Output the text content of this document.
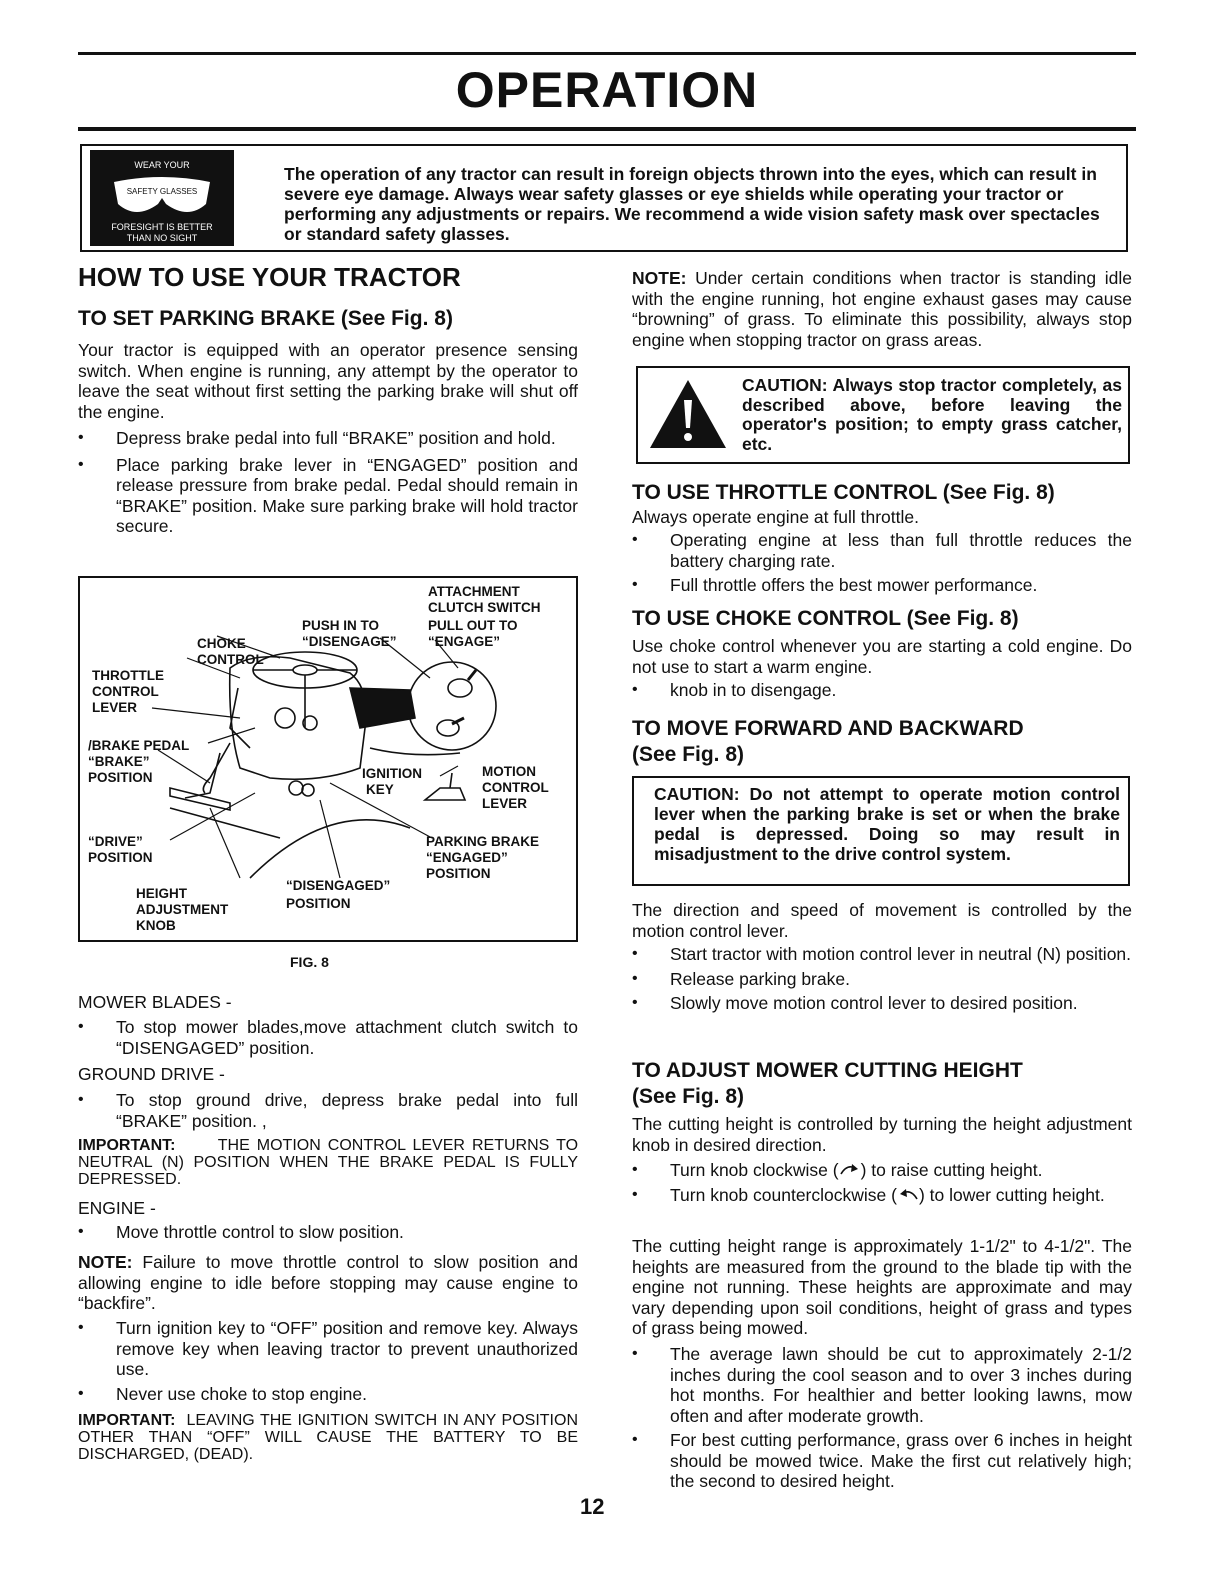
OPERATION
WEAR YOUR
SAFETY GLASSES
FORESIGHT IS BETTER
THAN NO SIGHT
The operation of any tractor can result in foreign objects thrown into the eyes, which can result in severe eye damage. Always wear safety glasses or eye shields while operating your tractor or performing any adjustments or repairs. We recommend a wide vision safety mask over spectacles or standard safety glasses.
HOW TO USE YOUR TRACTOR
TO SET PARKING BRAKE (See Fig. 8)

Your tractor is equipped with an operator presence sensing switch. When engine is running, any attempt by the operator to leave the seat without first setting the parking brake will shut off the engine.

• Depress brake pedal into full “BRAKE” position and hold.
• Place parking brake lever in “ENGAGED” position and release pressure from brake pedal. Pedal should remain in “BRAKE” position. Make sure parking brake will hold tractor secure.
ATTACHMENT
CLUTCH SWITCH
PUSH IN TO	PULL OUT TO
CHOKE	“DISENGAGE” “ENGAGE”
CONTROL
THROTTLE
CONTROL
LEVER
/BRAKE PEDAL
“BRAKE”
POSITION	IGNITION
KEY
MOTION
CONTROL
LEVER
“DRIVE”
POSITION
PARKING BRAKE
“ENGAGED”
POSITION
“DISENGAGED”
POSITION
HEIGHT
ADJUSTMENT
KNOB
FIG. 8
MOWER BLADES -
• To stop mower blades,move attachment clutch switch to “DISENGAGED” position.
GROUND DRIVE -
• To stop ground drive, depress brake pedal into full “BRAKE” position. ,
IMPORTANT:	THE MOTION CONTROL LEVER RETURNS TO NEUTRAL (N) POSITION WHEN THE BRAKE PEDAL IS FULLY DEPRESSED.
ENGINE -
• Move throttle control to slow position.

NOTE: Failure to move throttle control to slow position and allowing engine to idle before stopping may cause engine to “backfire”.

• Turn ignition key to “OFF” position and remove key. Always remove key when leaving tractor to prevent unauthorized use.
• Never use choke to stop engine.
IMPORTANT: LEAVING THE IGNITION SWITCH IN ANY POSITION OTHER THAN “OFF” WILL CAUSE THE BATTERY TO BE DISCHARGED, (DEAD).

NOTE: Under certain conditions when tractor is standing idle with the engine running, hot engine exhaust gases may cause “browning” of grass. To eliminate this possibility, always stop engine when stopping tractor on grass areas.

CAUTION: Always stop tractor completely, as described above, before leaving the operator's position; to empty grass catcher, etc.
TO USE THROTTLE CONTROL (See Fig. 8)

Always operate engine at full throttle.

• Operating engine at less than full throttle reduces the battery charging rate.
• Full throttle offers the best mower performance.
TO USE CHOKE CONTROL (See Fig. 8)

Use choke control whenever you are starting a cold engine. Do not use to start a warm engine.

• knob in to disengage.
TO MOVE FORWARD AND BACKWARD
(See Fig. 8)
CAUTION: Do not attempt to operate motion control lever when the parking brake is set or when the brake pedal is depressed. Doing so may result in misadjustment to the drive control system.

The direction and speed of movement is controlled by the motion control lever.

• Start tractor with motion control lever in neutral (N) position.
• Release parking brake.
• Slowly move motion control lever to desired position.
TO ADJUST MOWER CUTTING HEIGHT
(See Fig. 8)

The cutting height is controlled by turning the height adjustment knob in desired direction.

• Turn knob clockwise ( ) to raise cutting height.
• Turn knob counterclockwise ( ) to lower cutting height.

The cutting height range is approximately 1-1/2" to 4-1/2". The heights are measured from the ground to the blade tip with the engine not running. These heights are approximate and may vary depending upon soil conditions, height of grass and types of grass being mowed.

• The average lawn should be cut to approximately 2-1/2 inches during the cool season and to over 3 inches during hot months. For healthier and better looking lawns, mow often and after moderate growth.
• For best cutting performance, grass over 6 inches in height should be mowed twice. Make the first cut relatively high; the second to desired height.
12
